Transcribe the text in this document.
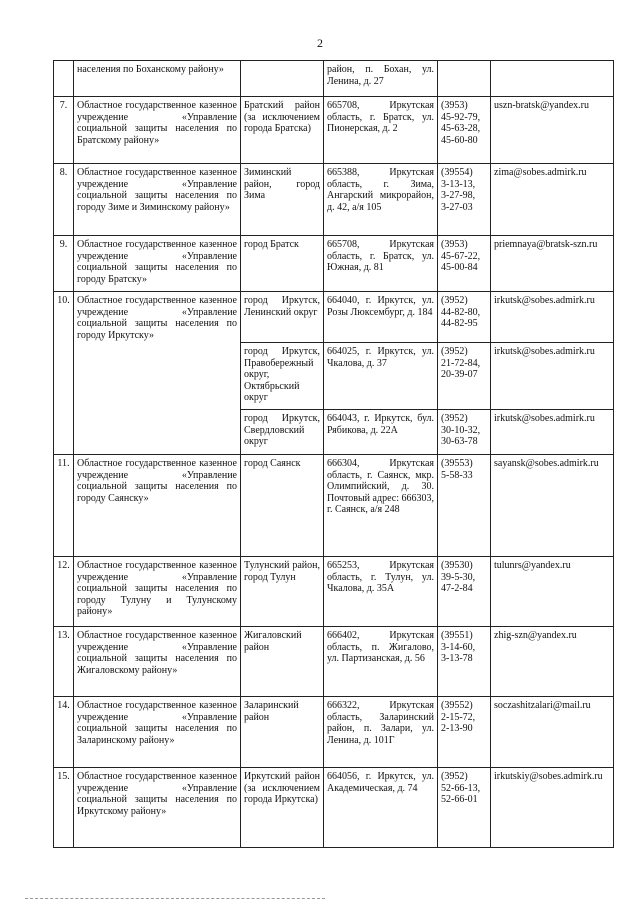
2
	населения по Боханскому району»		район, п. Бохан, ул. Ленина, д. 27		
7.	Областное государственное казенное учреждение «Управление социальной защиты населения по Братскому району»	Братский район (за исключением города Братска)	665708, Иркутская область, г. Братск, ул. Пионерская, д. 2	(3953)
45-92-79,
45-63-28,
45-60-80	uszn-bratsk@yandex.ru
8.	Областное государственное казенное учреждение «Управление социальной защиты населения по городу Зиме и Зиминскому району»	Зиминский район, город Зима	665388, Иркутская область, г. Зима, Ангарский микрорайон, д. 42, а/я 105	(39554)
3-13-13,
3-27-98,
3-27-03	zima@sobes.admirk.ru
9.	Областное государственное казенное учреждение «Управление социальной защиты населения по городу Братску»	город Братск	665708, Иркутская область, г. Братск, ул. Южная, д. 81	(3953)
45-67-22,
45-00-84	priemnaya@bratsk-szn.ru
10.	Областное государственное казенное учреждение «Управление социальной защиты населения по городу Иркутску»	город Иркутск, Ленинский округ	664040, г. Иркутск, ул. Розы Люксембург, д. 184	(3952)
44-82-80,
44-82-95	irkutsk@sobes.admirk.ru
		город Иркутск, Правобережный округ, Октябрьский округ	664025, г. Иркутск, ул. Чкалова, д. 37	(3952)
21-72-84,
20-39-07	irkutsk@sobes.admirk.ru
		город Иркутск, Свердловский округ	664043, г. Иркутск, бул. Рябикова, д. 22А	(3952)
30-10-32,
30-63-78	irkutsk@sobes.admirk.ru
11.	Областное государственное казенное учреждение «Управление социальной защиты населения по городу Саянску»	город Саянск	666304, Иркутская область, г. Саянск, мкр. Олимпийский, д. 30. Почтовый адрес: 666303, г. Саянск, а/я 248	(39553)
5-58-33	sayansk@sobes.admirk.ru
12.	Областное государственное казенное учреждение «Управление социальной защиты населения по городу Тулуну и Тулунскому району»	Тулунский район, город Тулун	665253, Иркутская область, г. Тулун, ул. Чкалова, д. 35А	(39530)
39-5-30,
47-2-84	tulunrs@yandex.ru
13.	Областное государственное казенное учреждение «Управление социальной защиты населения по Жигаловскому району»	Жигаловский район	666402, Иркутская область, п. Жигалово, ул. Партизанская, д. 56	(39551)
3-14-60,
3-13-78	zhig-szn@yandex.ru
14.	Областное государственное казенное учреждение «Управление социальной защиты населения по Заларинскому району»	Заларинский район	666322, Иркутская область, Заларинский район, п. Залари, ул. Ленина, д. 101Г	(39552)
2-15-72,
2-13-90	soczashitzalari@mail.ru
15.	Областное государственное казенное учреждение «Управление социальной защиты населения по Иркутскому району»	Иркутский район (за исключением города Иркутска)	664056, г. Иркутск, ул. Академическая, д. 74	(3952)
52-66-13,
52-66-01	irkutskiy@sobes.admirk.ru
